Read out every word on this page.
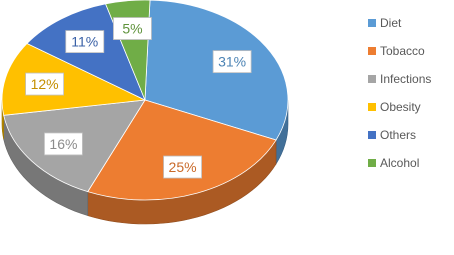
31%
25%
16%
12%
11%
5%	Diet
Tobacco
Infections
Obesity
Others
Alcohol
